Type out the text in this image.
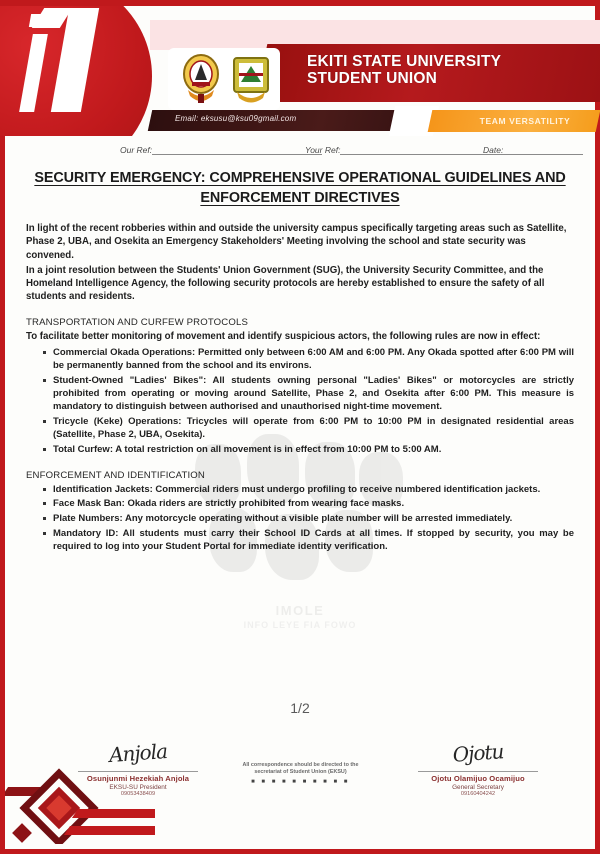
EKITI STATE UNIVERSITY
STUDENT UNION
Email: eksusu@ksu09gmail.com	TEAM VERSATILITY
Our Ref:	Your Ref:	Date:
IMOLE
INFO LEYE FIA FOWO
SECURITY EMERGENCY: COMPREHENSIVE OPERATIONAL GUIDELINES AND ENFORCEMENT DIRECTIVES
In light of the recent robberies within and outside the university campus specifically targeting areas such as Satellite, Phase 2, UBA, and Osekita an Emergency Stakeholders' Meeting involving the school and state security was convened.
In a joint resolution between the Students' Union Government (SUG), the University Security Committee, and the Homeland Intelligence Agency, the following security protocols are hereby established to ensure the safety of all students and residents.
TRANSPORTATION AND CURFEW PROTOCOLS
To facilitate better monitoring of movement and identify suspicious actors, the following rules are now in effect:
Commercial Okada Operations: Permitted only between 6:00 AM and 6:00 PM. Any Okada spotted after 6:00 PM will be permanently banned from the school and its environs.
Student-Owned "Ladies' Bikes": All students owning personal "Ladies' Bikes" or motorcycles are strictly prohibited from operating or moving around Satellite, Phase 2, and Osekita after 6:00 PM. This measure is mandatory to distinguish between authorised and unauthorised night-time movement.
Tricycle (Keke) Operations: Tricycles will operate from 6:00 PM to 10:00 PM in designated residential areas (Satellite, Phase 2, UBA, Osekita).
Total Curfew: A total restriction on all movement is in effect from 10:00 PM to 5:00 AM.
ENFORCEMENT AND IDENTIFICATION
Identification Jackets: Commercial riders must undergo profiling to receive numbered identification jackets.
Face Mask Ban: Okada riders are strictly prohibited from wearing face masks.
Plate Numbers: Any motorcycle operating without a visible plate number will be arrested immediately.
Mandatory ID: All students must carry their School ID Cards at all times. If stopped by security, you may be required to log into your Student Portal for immediate identity verification.
1/2
Anjola
Osunjunmi Hezekiah Anjola
EKSU-SU President
09053438409
Ojotu
Ojotu Olamijuo Ocamijuo
General Secretary
09160404242
All correspondence should be directed to the
secretariat of Student Union (EKSU)
■ ■ ■ ■ ■ ■ ■ ■ ■ ■
